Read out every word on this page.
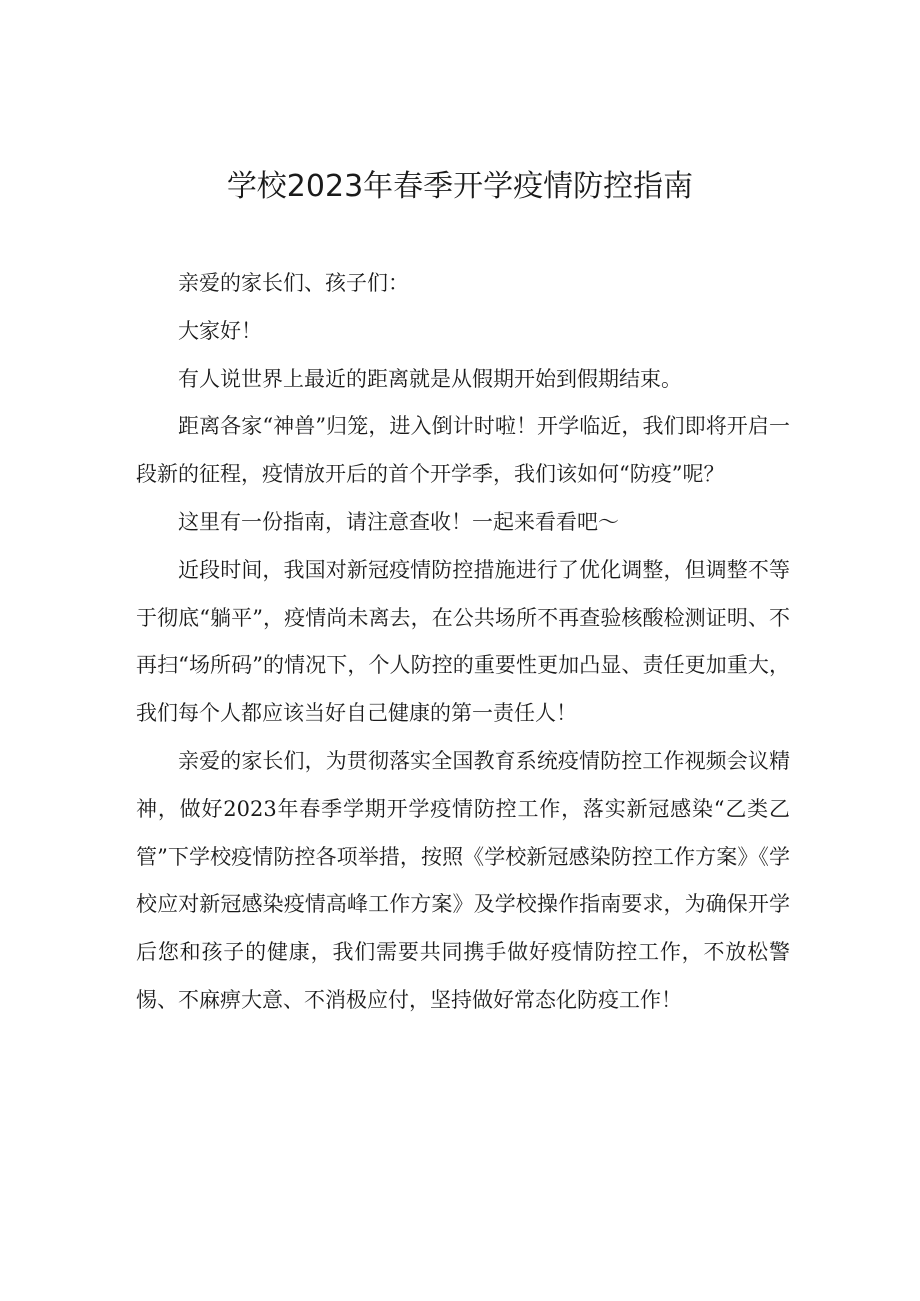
学校2023年春季开学疫情防控指南

亲爱的家长们、孩子们：

大家好！

有人说世界上最近的距离就是从假期开始到假期结束。

距离各家“神兽”归笼，进入倒计时啦！开学临近，我们即将开启一段新的征程，疫情放开后的首个开学季，我们该如何“防疫”呢？

这里有一份指南，请注意查收！一起来看看吧～

近段时间，我国对新冠疫情防控措施进行了优化调整，但调整不等于彻底“躺平”，疫情尚未离去，在公共场所不再查验核酸检测证明、不再扫“场所码”的情况下，个人防控的重要性更加凸显、责任更加重大，我们每个人都应该当好自己健康的第一责任人！

亲爱的家长们，为贯彻落实全国教育系统疫情防控工作视频会议精神，做好2023年春季学期开学疫情防控工作，落实新冠感染“乙类乙管”下学校疫情防控各项举措，按照《学校新冠感染防控工作方案》《学校应对新冠感染疫情高峰工作方案》及学校操作指南要求，为确保开学后您和孩子的健康，我们需要共同携手做好疫情防控工作，不放松警惕、不麻痹大意、不消极应付，坚持做好常态化防疫工作！
